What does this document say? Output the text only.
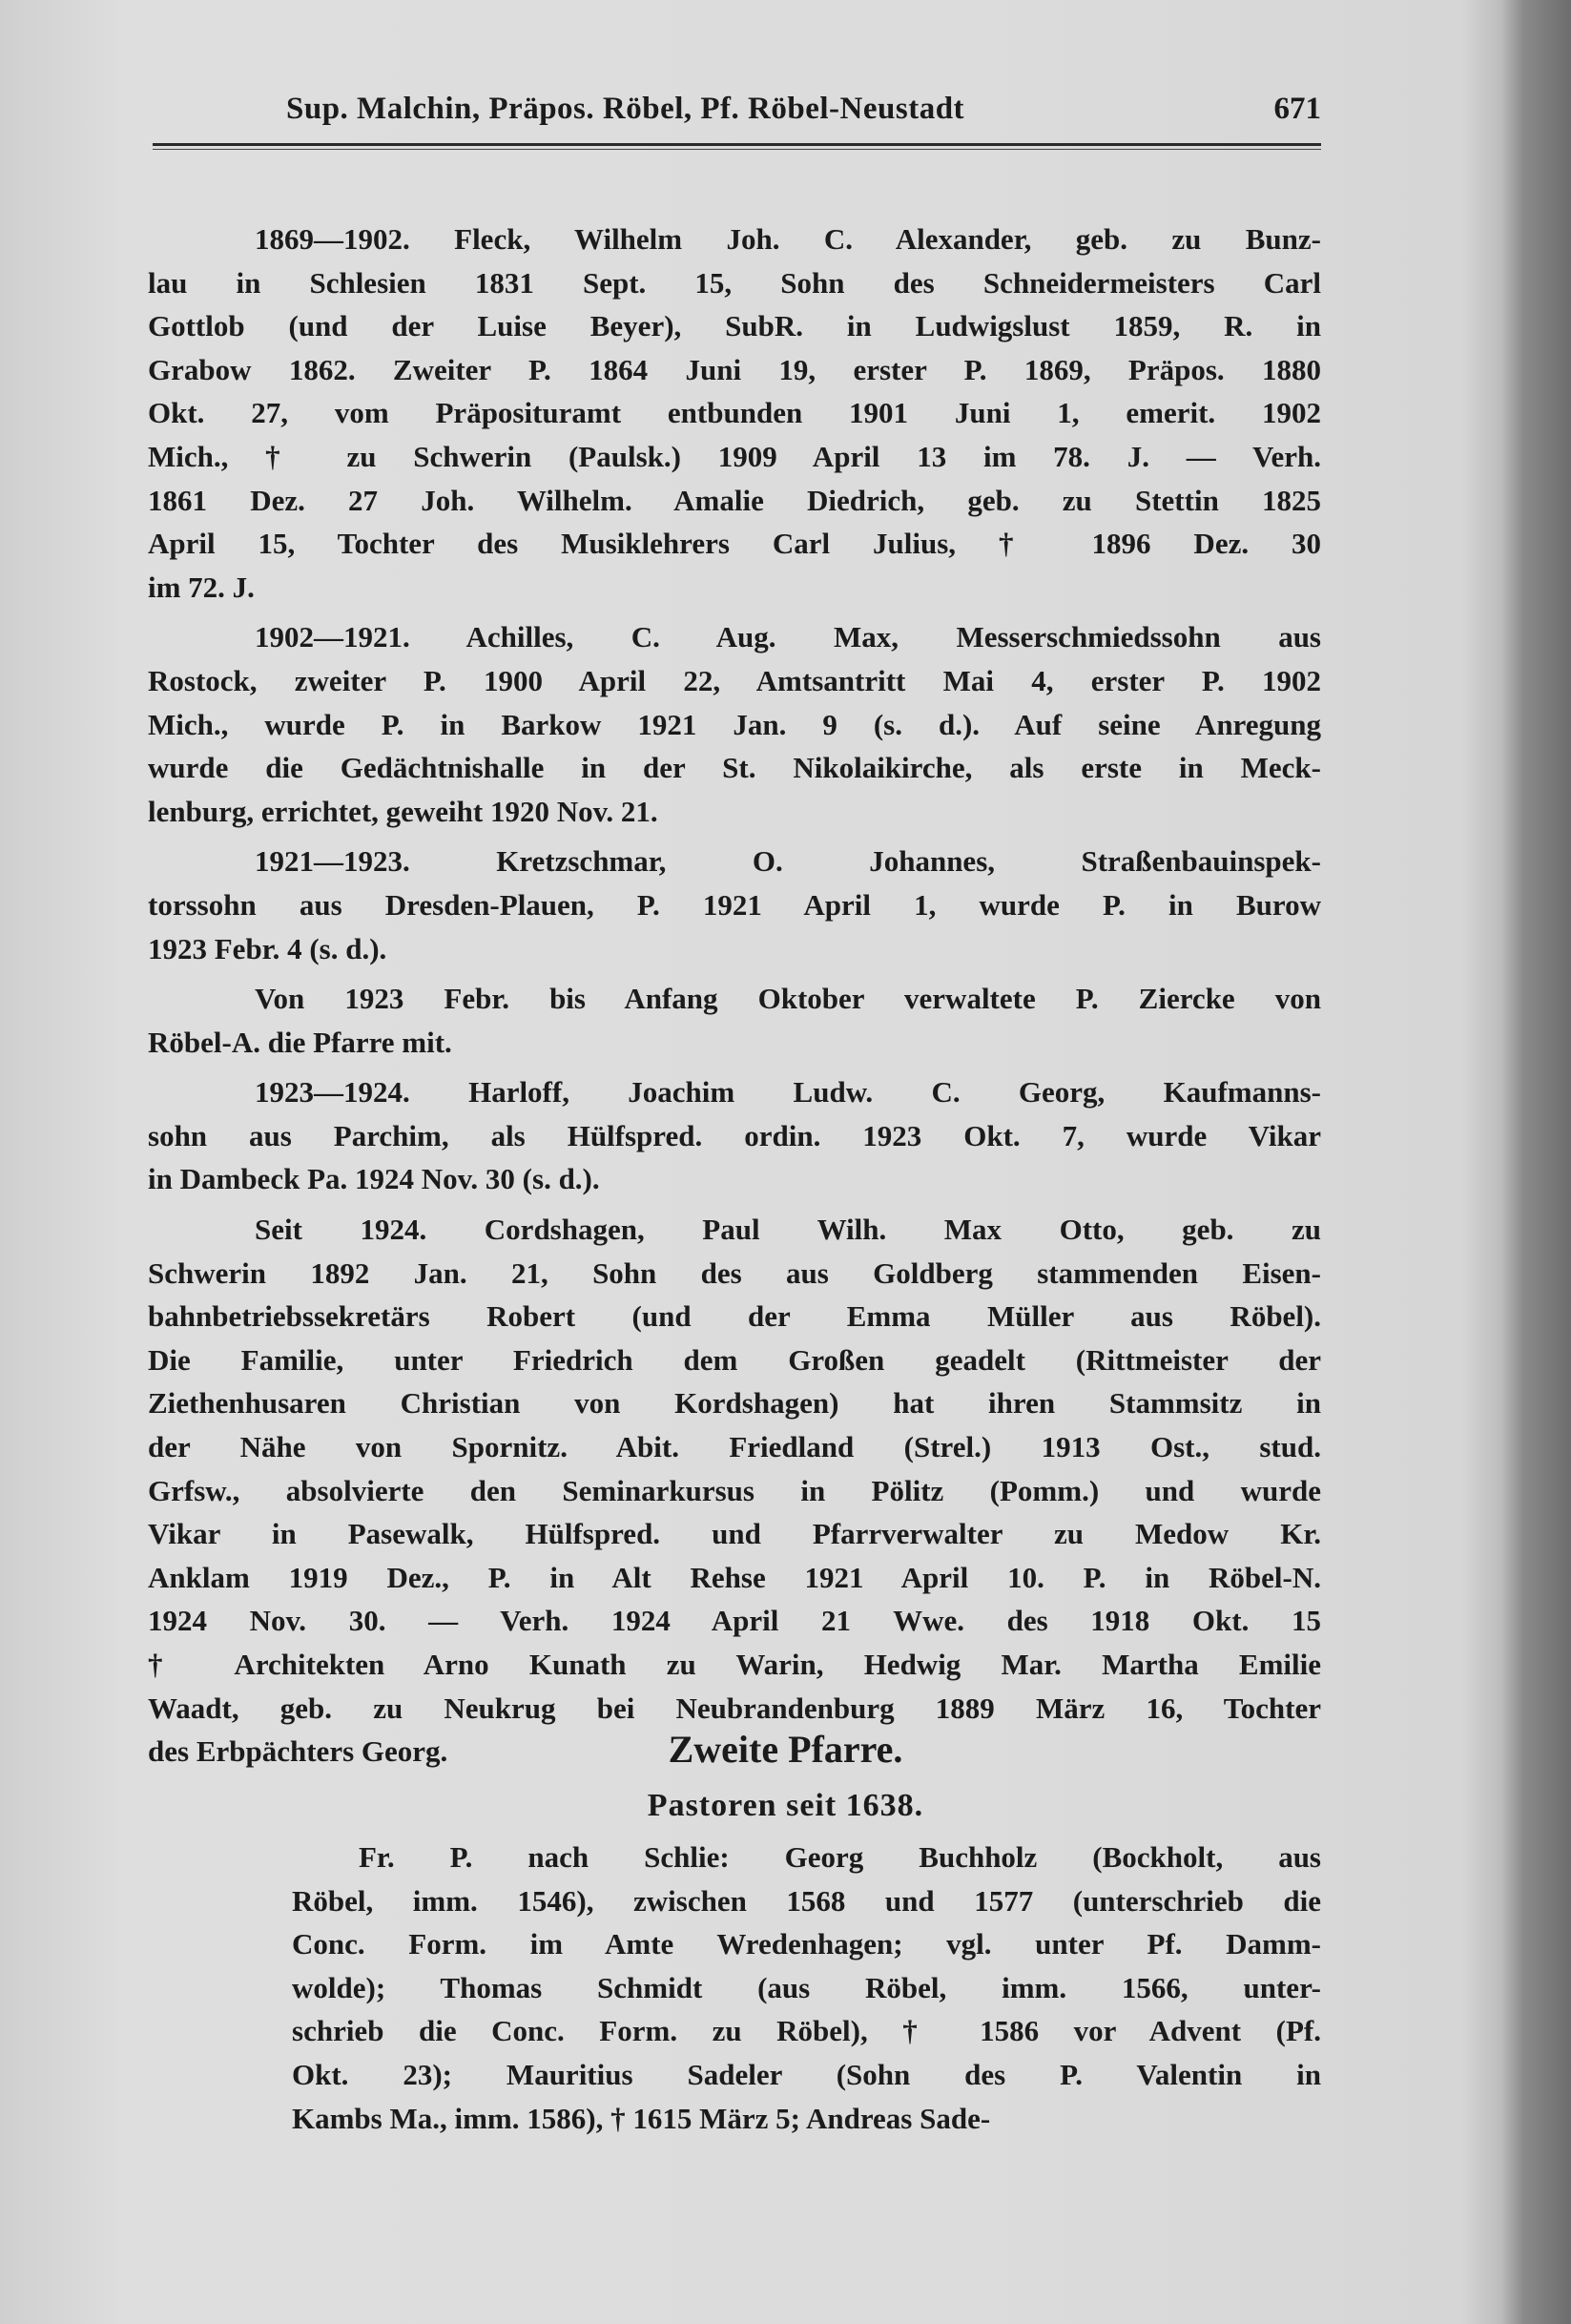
Sup. Malchin, Präpos. Röbel, Pf. Röbel-Neustadt	671
1869—1902. Fleck, Wilhelm Joh. C. Alexander, geb. zu Bunz-
lau in Schlesien 1831 Sept. 15, Sohn des Schneidermeisters Carl
Gottlob (und der Luise Beyer), SubR. in Ludwigslust 1859, R. in
Grabow 1862. Zweiter P. 1864 Juni 19, erster P. 1869, Präpos. 1880
Okt. 27, vom Präposituramt entbunden 1901 Juni 1, emerit. 1902
Mich., † zu Schwerin (Paulsk.) 1909 April 13 im 78. J. — Verh.
1861 Dez. 27 Joh. Wilhelm. Amalie Diedrich, geb. zu Stettin 1825
April 15, Tochter des Musiklehrers Carl Julius, † 1896 Dez. 30
im 72. J.
1902—1921. Achilles, C. Aug. Max, Messerschmiedssohn aus
Rostock, zweiter P. 1900 April 22, Amtsantritt Mai 4, erster P. 1902
Mich., wurde P. in Barkow 1921 Jan. 9 (s. d.). Auf seine Anregung
wurde die Gedächtnishalle in der St. Nikolaikirche, als erste in Meck-
lenburg, errichtet, geweiht 1920 Nov. 21.
1921—1923. Kretzschmar, O. Johannes, Straßenbauinspek-
torssohn aus Dresden-Plauen, P. 1921 April 1, wurde P. in Burow
1923 Febr. 4 (s. d.).
Von 1923 Febr. bis Anfang Oktober verwaltete P. Ziercke von
Röbel-A. die Pfarre mit.
1923—1924. Harloff, Joachim Ludw. C. Georg, Kaufmanns-
sohn aus Parchim, als Hülfspred. ordin. 1923 Okt. 7, wurde Vikar
in Dambeck Pa. 1924 Nov. 30 (s. d.).
Seit 1924. Cordshagen, Paul Wilh. Max Otto, geb. zu
Schwerin 1892 Jan. 21, Sohn des aus Goldberg stammenden Eisen-
bahnbetriebssekretärs Robert (und der Emma Müller aus Röbel).
Die Familie, unter Friedrich dem Großen geadelt (Rittmeister der
Ziethenhusaren Christian von Kordshagen) hat ihren Stammsitz in
der Nähe von Spornitz. Abit. Friedland (Strel.) 1913 Ost., stud.
Grfsw., absolvierte den Seminarkursus in Pölitz (Pomm.) und wurde
Vikar in Pasewalk, Hülfspred. und Pfarrverwalter zu Medow Kr.
Anklam 1919 Dez., P. in Alt Rehse 1921 April 10. P. in Röbel-N.
1924 Nov. 30. — Verh. 1924 April 21 Wwe. des 1918 Okt. 15
† Architekten Arno Kunath zu Warin, Hedwig Mar. Martha Emilie
Waadt, geb. zu Neukrug bei Neubrandenburg 1889 März 16, Tochter
des Erbpächters Georg.	Zweite Pfarre.
Pastoren seit 1638.
Fr. P. nach Schlie: Georg Buchholz (Bockholt, aus
Röbel, imm. 1546), zwischen 1568 und 1577 (unterschrieb die
Conc. Form. im Amte Wredenhagen; vgl. unter Pf. Damm-
wolde); Thomas Schmidt (aus Röbel, imm. 1566, unter-
schrieb die Conc. Form. zu Röbel), † 1586 vor Advent (Pf.
Okt. 23); Mauritius Sadeler (Sohn des P. Valentin in
Kambs Ma., imm. 1586), † 1615 März 5; Andreas Sade-
